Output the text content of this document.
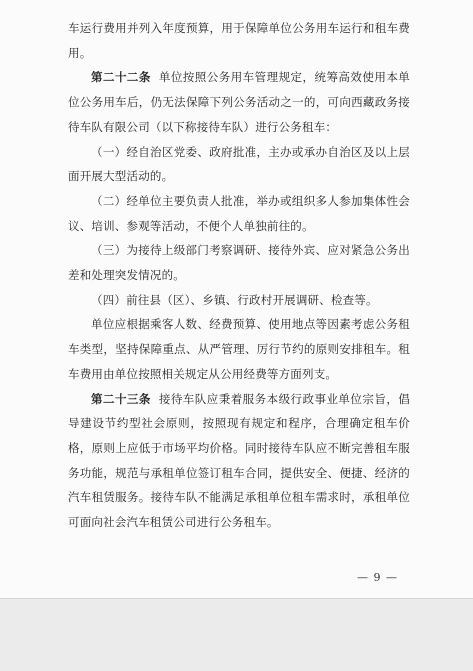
车运行费用并列入年度预算，用于保障单位公务用车运行和租车费用。

第二十二条 单位按照公务用车管理规定，统筹高效使用本单位公务用车后，仍无法保障下列公务活动之一的，可向西藏政务接待车队有限公司（以下称接待车队）进行公务租车：

（一）经自治区党委、政府批准，主办或承办自治区及以上层面开展大型活动的。

（二）经单位主要负责人批准，举办或组织多人参加集体性会议、培训、参观等活动，不便个人单独前往的。

（三）为接待上级部门考察调研、接待外宾、应对紧急公务出差和处理突发情况的。

（四）前往县（区）、乡镇、行政村开展调研、检查等。

单位应根据乘客人数、经费预算、使用地点等因素考虑公务租车类型，坚持保障重点、从严管理、厉行节约的原则安排租车。租车费用由单位按照相关规定从公用经费等方面列支。

第二十三条 接待车队应秉着服务本级行政事业单位宗旨，倡导建设节约型社会原则，按照现有规定和程序，合理确定租车价格，原则上应低于市场平均价格。同时接待车队应不断完善租车服务功能，规范与承租单位签订租车合同，提供安全、便捷、经济的汽车租赁服务。接待车队不能满足承租单位租车需求时，承租单位可面向社会汽车租赁公司进行公务租车。

— 9 —
